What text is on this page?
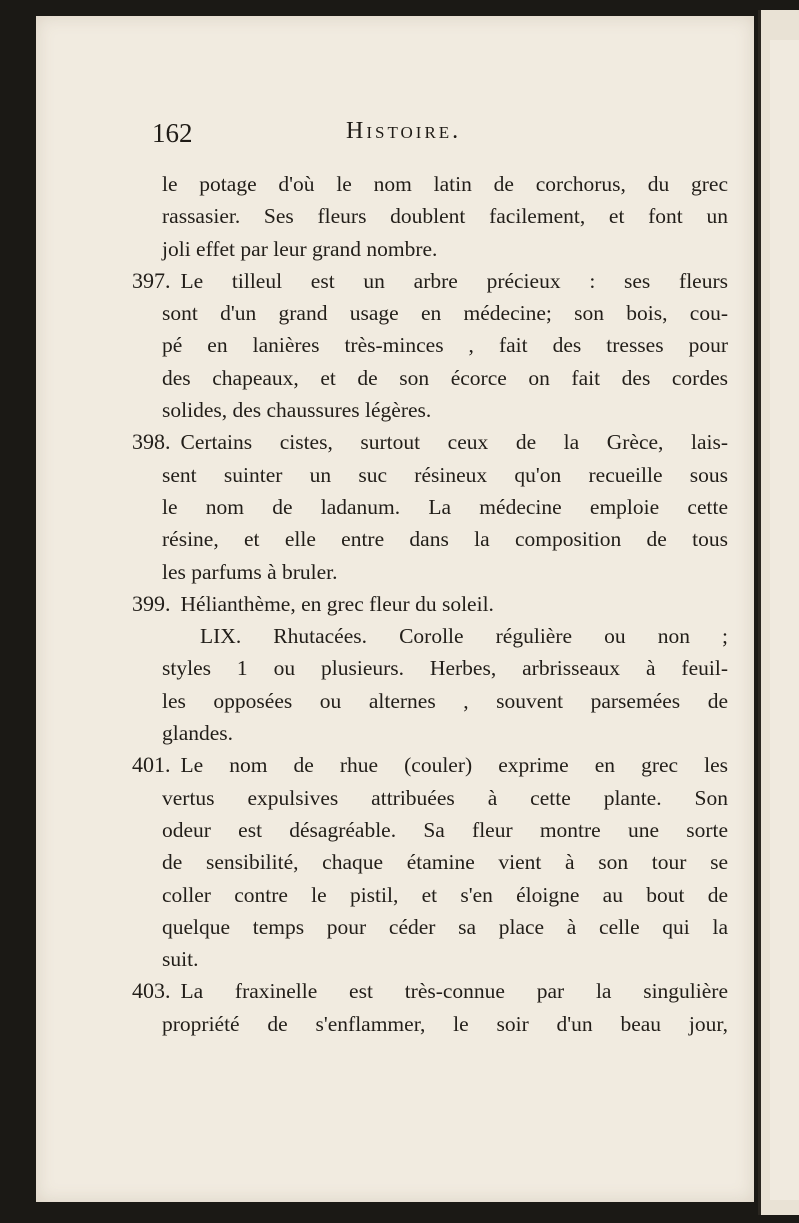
162	Histoire.
le potage d'où le nom latin de corchorus, du grec
rassasier. Ses fleurs doublent facilement, et font un
joli effet par leur grand nombre.
397. Le tilleul est un arbre précieux : ses fleurs
sont d'un grand usage en médecine; son bois, cou-
pé en lanières très-minces , fait des tresses pour
des chapeaux, et de son écorce on fait des cordes
solides, des chaussures légères.
398. Certains cistes, surtout ceux de la Grèce, lais-
sent suinter un suc résineux qu'on recueille sous
le nom de ladanum. La médecine emploie cette
résine, et elle entre dans la composition de tous
les parfums à bruler.
399. Hélianthème, en grec fleur du soleil.
LIX. Rhutacées. Corolle régulière ou non ;
styles 1 ou plusieurs. Herbes, arbrisseaux à feuil-
les opposées ou alternes , souvent parsemées de
glandes.
401. Le nom de rhue (couler) exprime en grec les
vertus expulsives attribuées à cette plante. Son
odeur est désagréable. Sa fleur montre une sorte
de sensibilité, chaque étamine vient à son tour se
coller contre le pistil, et s'en éloigne au bout de
quelque temps pour céder sa place à celle qui la
suit.
403. La fraxinelle est très-connue par la singulière
propriété de s'enflammer, le soir d'un beau jour,
